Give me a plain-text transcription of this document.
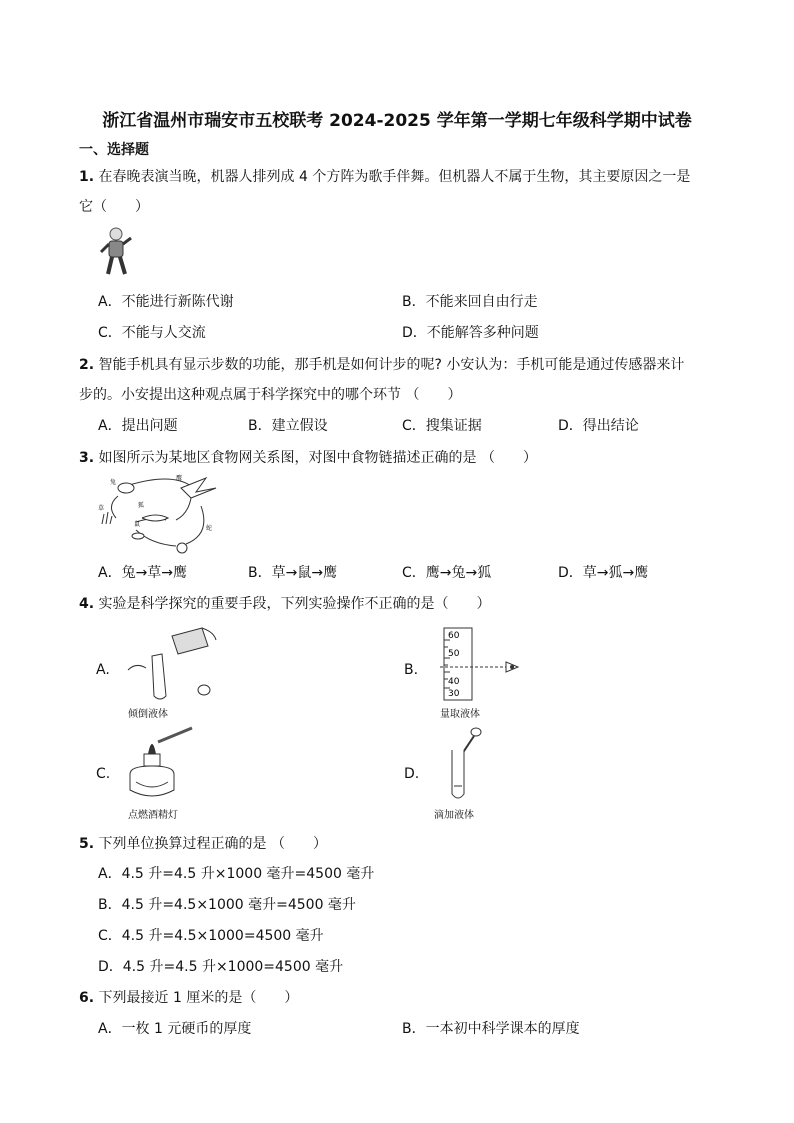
浙江省温州市瑞安市五校联考 2024-2025 学年第一学期七年级科学期中试卷
一、选择题
1. 在春晚表演当晚，机器人排列成 4 个方阵为歌手伴舞。但机器人不属于生物，其主要原因之一是
它（　　）
A．不能进行新陈代谢	B．不能来回自由行走
C．不能与人交流	D．不能解答多种问题
2. 智能手机具有显示步数的功能，那手机是如何计步的呢? 小安认为：手机可能是通过传感器来计
步的。小安提出这种观点属于科学探究中的哪个环节 （　　）
A．提出问题	B．建立假设	C．搜集证据	D．得出结论
3. 如图所示为某地区食物网关系图，对图中食物链描述正确的是 （　　）
兔
鹰
狐
草
鼠
蛇
A．兔→草→鹰	B．草→鼠→鹰	C．鹰→兔→狐	D．草→狐→鹰
4. 实验是科学探究的重要手段，下列实验操作不正确的是（　　）
A.
倾倒液体
B.
60
50
40
30
量取液体
C.
点燃酒精灯
D.
滴加液体
5. 下列单位换算过程正确的是 （　　）
A．4.5 升=4.5 升×1000 毫升=4500 毫升
B．4.5 升=4.5×1000 毫升=4500 毫升
C．4.5 升=4.5×1000=4500 毫升
D．4.5 升=4.5 升×1000=4500 毫升
6. 下列最接近 1 厘米的是（　　）
A．一枚 1 元硬币的厚度	B．一本初中科学课本的厚度
